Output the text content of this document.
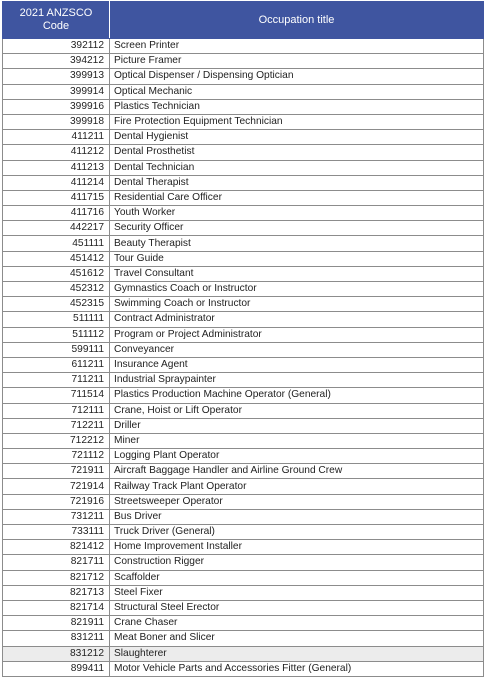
2021 ANZSCO
Code	Occupation title
392112	Screen Printer
394212	Picture Framer
399913	Optical Dispenser / Dispensing Optician
399914	Optical Mechanic
399916	Plastics Technician
399918	Fire Protection Equipment Technician
411211	Dental Hygienist
411212	Dental Prosthetist
411213	Dental Technician
411214	Dental Therapist
411715	Residential Care Officer
411716	Youth Worker
442217	Security Officer
451111	Beauty Therapist
451412	Tour Guide
451612	Travel Consultant
452312	Gymnastics Coach or Instructor
452315	Swimming Coach or Instructor
511111	Contract Administrator
511112	Program or Project Administrator
599111	Conveyancer
611211	Insurance Agent
711211	Industrial Spraypainter
711514	Plastics Production Machine Operator (General)
712111	Crane, Hoist or Lift Operator
712211	Driller
712212	Miner
721112	Logging Plant Operator
721911	Aircraft Baggage Handler and Airline Ground Crew
721914	Railway Track Plant Operator
721916	Streetsweeper Operator
731211	Bus Driver
733111	Truck Driver (General)
821412	Home Improvement Installer
821711	Construction Rigger
821712	Scaffolder
821713	Steel Fixer
821714	Structural Steel Erector
821911	Crane Chaser
831211	Meat Boner and Slicer
831212	Slaughterer
899411	Motor Vehicle Parts and Accessories Fitter (General)
